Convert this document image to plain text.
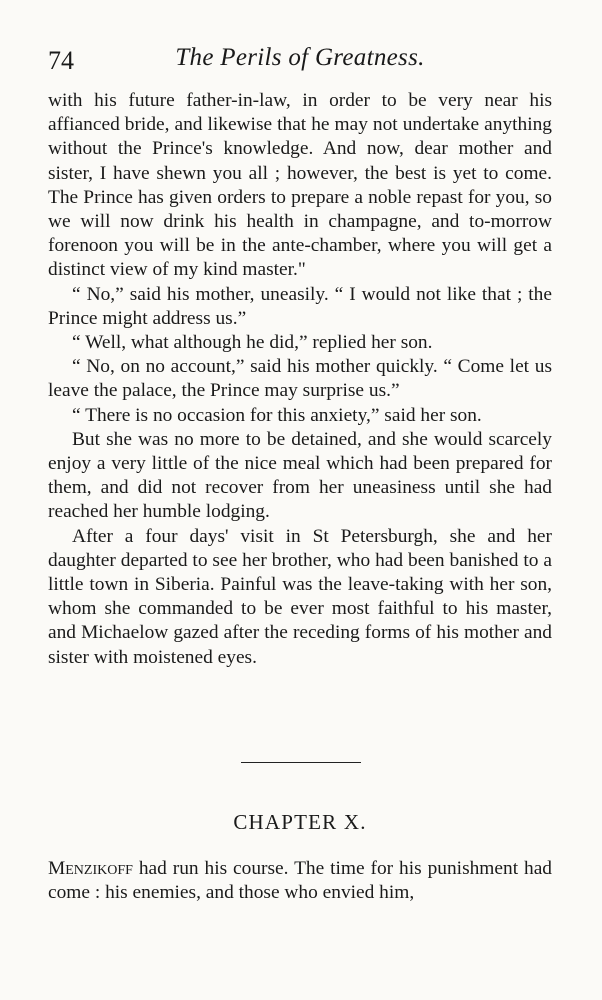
74	The Perils of Greatness.

with his future father-in-law, in order to be very near his affianced bride, and likewise that he may not undertake anything without the Prince's knowledge. And now, dear mother and sister, I have shewn you all ; however, the best is yet to come. The Prince has given orders to prepare a noble repast for you, so we will now drink his health in champagne, and to-morrow forenoon you will be in the ante-chamber, where you will get a distinct view of my kind master."

“ No,” said his mother, uneasily. “ I would not like that ; the Prince might address us.”

“ Well, what although he did,” replied her son.

“ No, on no account,” said his mother quickly. “ Come let us leave the palace, the Prince may surprise us.”

“ There is no occasion for this anxiety,” said her son.

But she was no more to be detained, and she would scarcely enjoy a very little of the nice meal which had been prepared for them, and did not recover from her uneasiness until she had reached her humble lodging.

After a four days' visit in St Petersburgh, she and her daughter departed to see her brother, who had been banished to a little town in Siberia. Painful was the leave-taking with her son, whom she commanded to be ever most faithful to his master, and Michaelow gazed after the receding forms of his mother and sister with moistened eyes.

CHAPTER X.

Menzikoff had run his course. The time for his punishment had come : his enemies, and those who envied him,
